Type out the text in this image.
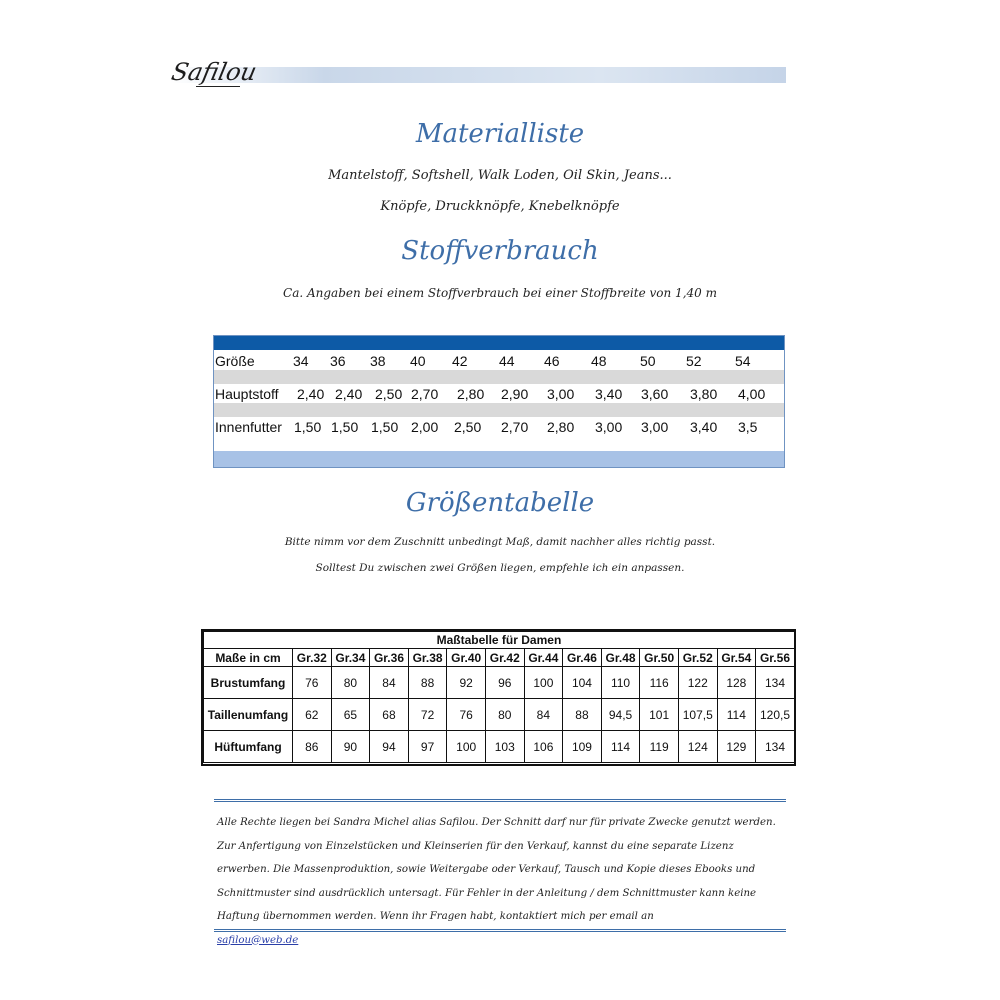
Safilou
Materialliste
Mantelstoff, Softshell, Walk Loden, Oil Skin, Jeans...
Knöpfe, Druckknöpfe, Knebelknöpfe
Stoffverbrauch
Ca. Angaben bei einem Stoffverbrauch bei einer Stoffbreite von 1,40 m
Größe	34 36 38 40 42 44 46 48 50 52 54
Hauptstoff 2,40 2,40 2,50 2,70 2,80 2,90 3,00 3,40 3,60 3,80 4,00
Innenfutter 1,50 1,50 1,50 2,00 2,50 2,70 2,80 3,00 3,00 3,40 3,5
Größentabelle
Bitte nimm vor dem Zuschnitt unbedingt Maß, damit nachher alles richtig passt.
Solltest Du zwischen zwei Größen liegen, empfehle ich ein anpassen.
Maßtabelle für Damen													
Maße in cm	Gr.32	Gr.34	Gr.36	Gr.38	Gr.40	Gr.42	Gr.44	Gr.46	Gr.48	Gr.50	Gr.52	Gr.54	Gr.56
Brustumfang	76	80	84	88	92	96	100	104	110	116	122	128	134
Taillenumfang	62	65	68	72	76	80	84	88	94,5	101	107,5	114	120,5
Hüftumfang	86	90	94	97	100	103	106	109	114	119	124	129	134
Alle Rechte liegen bei Sandra Michel alias Safilou. Der Schnitt darf nur für private Zwecke genutzt werden. Zur Anfertigung von Einzelstücken und Kleinserien für den Verkauf, kannst du eine separate Lizenz erwerben. Die Massenproduktion, sowie Weitergabe oder Verkauf, Tausch und Kopie dieses Ebooks und Schnittmuster sind ausdrücklich untersagt. Für Fehler in der Anleitung / dem Schnittmuster kann keine Haftung übernommen werden. Wenn ihr Fragen habt, kontaktiert mich per email an
safilou@web.de
